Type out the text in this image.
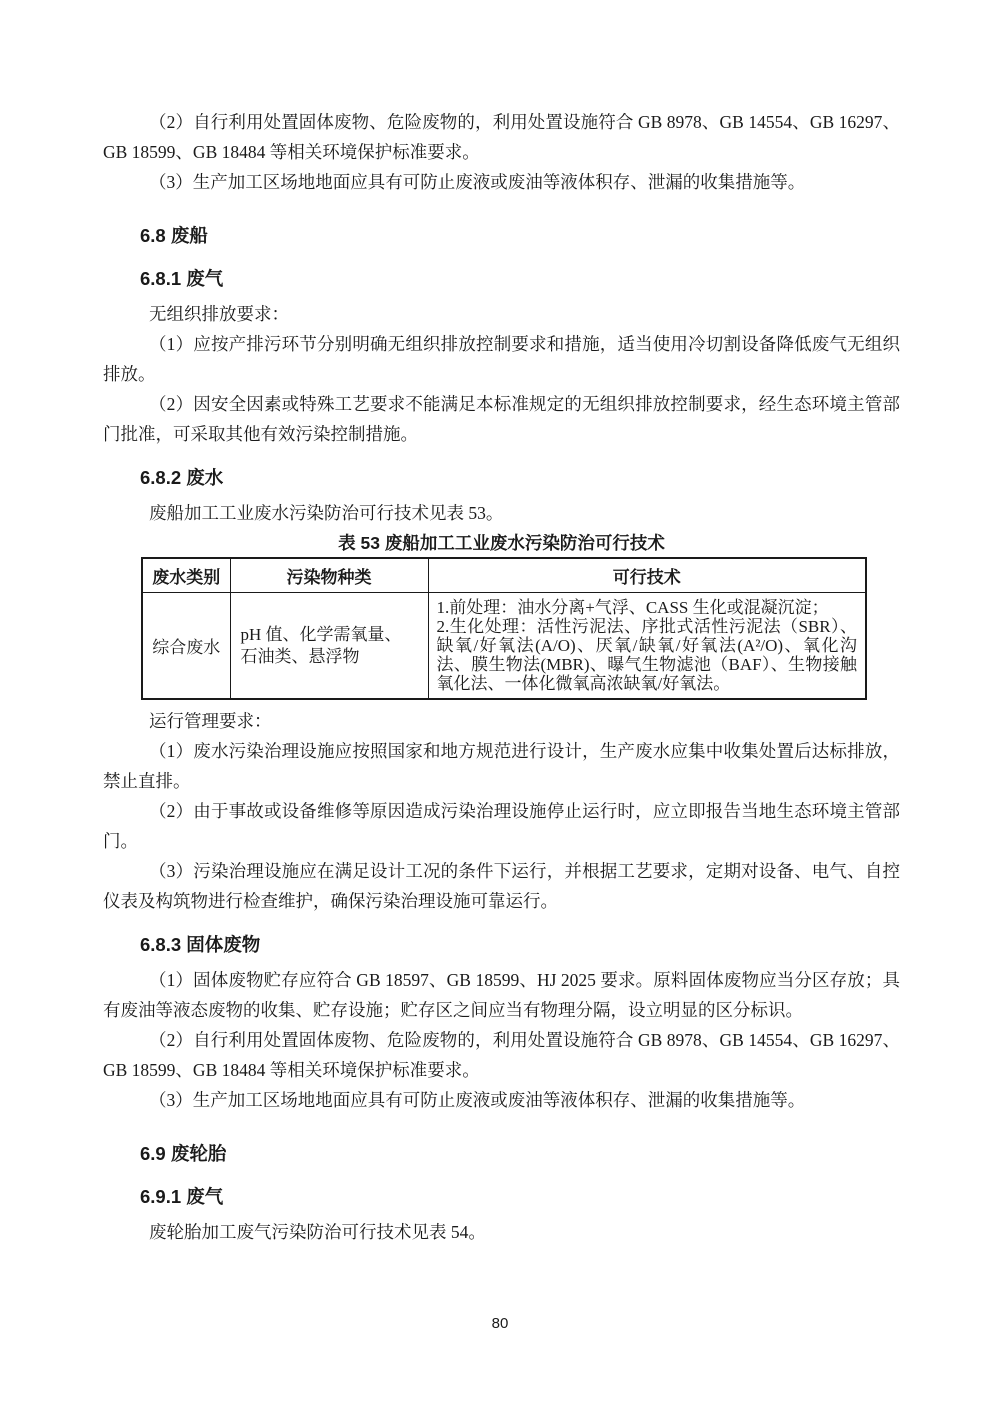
（2）自行利用处置固体废物、危险废物的，利用处置设施符合 GB 8978、GB 14554、GB 16297、GB 18599、GB 18484 等相关环境保护标准要求。

（3）生产加工区场地地面应具有可防止废液或废油等液体积存、泄漏的收集措施等。

6.8 废船
6.8.1 废气

无组织排放要求：

（1）应按产排污环节分别明确无组织排放控制要求和措施，适当使用冷切割设备降低废气无组织排放。

（2）因安全因素或特殊工艺要求不能满足本标准规定的无组织排放控制要求，经生态环境主管部门批准，可采取其他有效污染控制措施。

6.8.2 废水

废船加工工业废水污染防治可行技术见表 53。

表 53 废船加工工业废水污染防治可行技术
废水类别	污染物种类	可行技术
综合废水	pH 值、化学需氧量、石油类、悬浮物	1.前处理：油水分离+气浮、CASS 生化或混凝沉淀；
2.生化处理：活性污泥法、序批式活性污泥法（SBR）、缺氧/好氧法(A/O)、厌氧/缺氧/好氧法(A²/O)、氧化沟法、膜生物法(MBR)、曝气生物滤池（BAF）、生物接触氧化法、一体化微氧高浓缺氧/好氧法。

运行管理要求：

（1）废水污染治理设施应按照国家和地方规范进行设计，生产废水应集中收集处置后达标排放，禁止直排。

（2）由于事故或设备维修等原因造成污染治理设施停止运行时，应立即报告当地生态环境主管部门。

（3）污染治理设施应在满足设计工况的条件下运行，并根据工艺要求，定期对设备、电气、自控仪表及构筑物进行检查维护，确保污染治理设施可靠运行。

6.8.3 固体废物

（1）固体废物贮存应符合 GB 18597、GB 18599、HJ 2025 要求。原料固体废物应当分区存放；具有废油等液态废物的收集、贮存设施；贮存区之间应当有物理分隔，设立明显的区分标识。

（2）自行利用处置固体废物、危险废物的，利用处置设施符合 GB 8978、GB 14554、GB 16297、GB 18599、GB 18484 等相关环境保护标准要求。

（3）生产加工区场地地面应具有可防止废液或废油等液体积存、泄漏的收集措施等。

6.9 废轮胎
6.9.1 废气

废轮胎加工废气污染防治可行技术见表 54。

80
